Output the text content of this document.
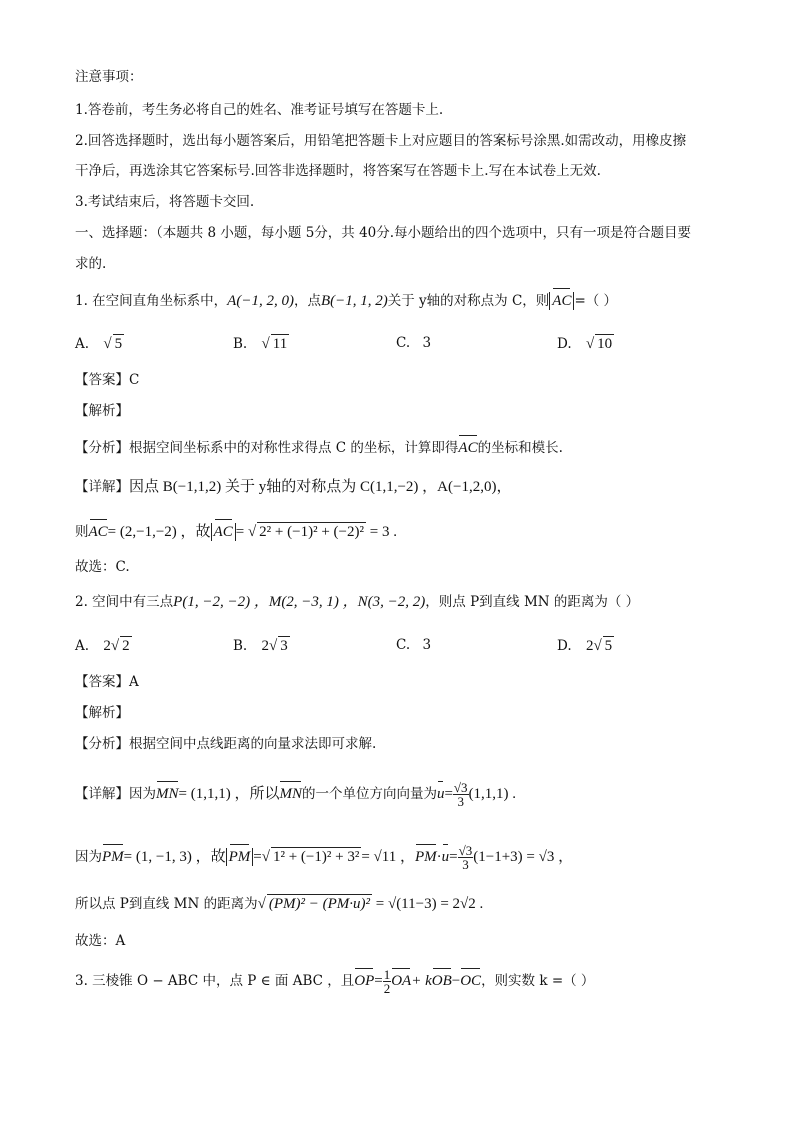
注意事项：
1.答卷前，考生务必将自己的姓名、准考证号填写在答题卡上.
2.回答选择题时，选出每小题答案后，用铅笔把答题卡上对应题目的答案标号涂黑.如需改动，用橡皮擦
干净后，再选涂其它答案标号.回答非选择题时，将答案写在答题卡上.写在本试卷上无效.
3.考试结束后，将答题卡交回.
一、选择题：（本题共 8 小题，每小题 5分，共 40分.每小题给出的四个选项中，只有一项是符合题目要
求的.
1. 在空间直角坐标系中，A(−1, 2, 0)，点B(−1, 1, 2)关于 y轴的对称点为 C，则 AC =（ ）
A. √ 5	B. √ 11	C. 3	D. √ 10
【答案】C
【解析】
【分析】根据空间坐标系中的对称性求得点 C 的坐标，计算即得AC的坐标和模长.
【详解】因点 B(−1,1,2) 关于 y轴的对称点为 C(1,1,−2) ，A(−1,2,0)，
则AC= (2,−1,−2) ，故 AC = √ 2² + (−1)² + (−2)² = 3 .
故选：C.
2. 空间中有三点P(1, −2, −2) ，M(2, −3, 1) ，N(3, −2, 2)，则点 P到直线 MN 的距离为（ ）
A. 2 √ 2	B. 2 √ 3	C. 3	D. 2 √ 5
【答案】A
【解析】
【分析】根据空间中点线距离的向量求法即可求解.
【详解】因为MN= (1,1,1) ，所以MN的一个单位方向向量为$u= \frac{√3}{3} (1,1,1)$ .
因为PM= (1, −1, 3) ，故 PM = √ 1² + (−1)² + 3² = √11 ，$PM\cdot u= \frac{√3}{3} (1-1+3) = √3$ ，
所以点 P到直线 MN 的距离为 √ (PM)² − (PM·u)² = √(11−3) = 2√2 .
故选：A
3. 三棱锥 O − ABC 中，点 P ∈ 面 ABC ，且$OP= \frac{1}{2} OA+ kOB-OC$，则实数 k =（ ）
